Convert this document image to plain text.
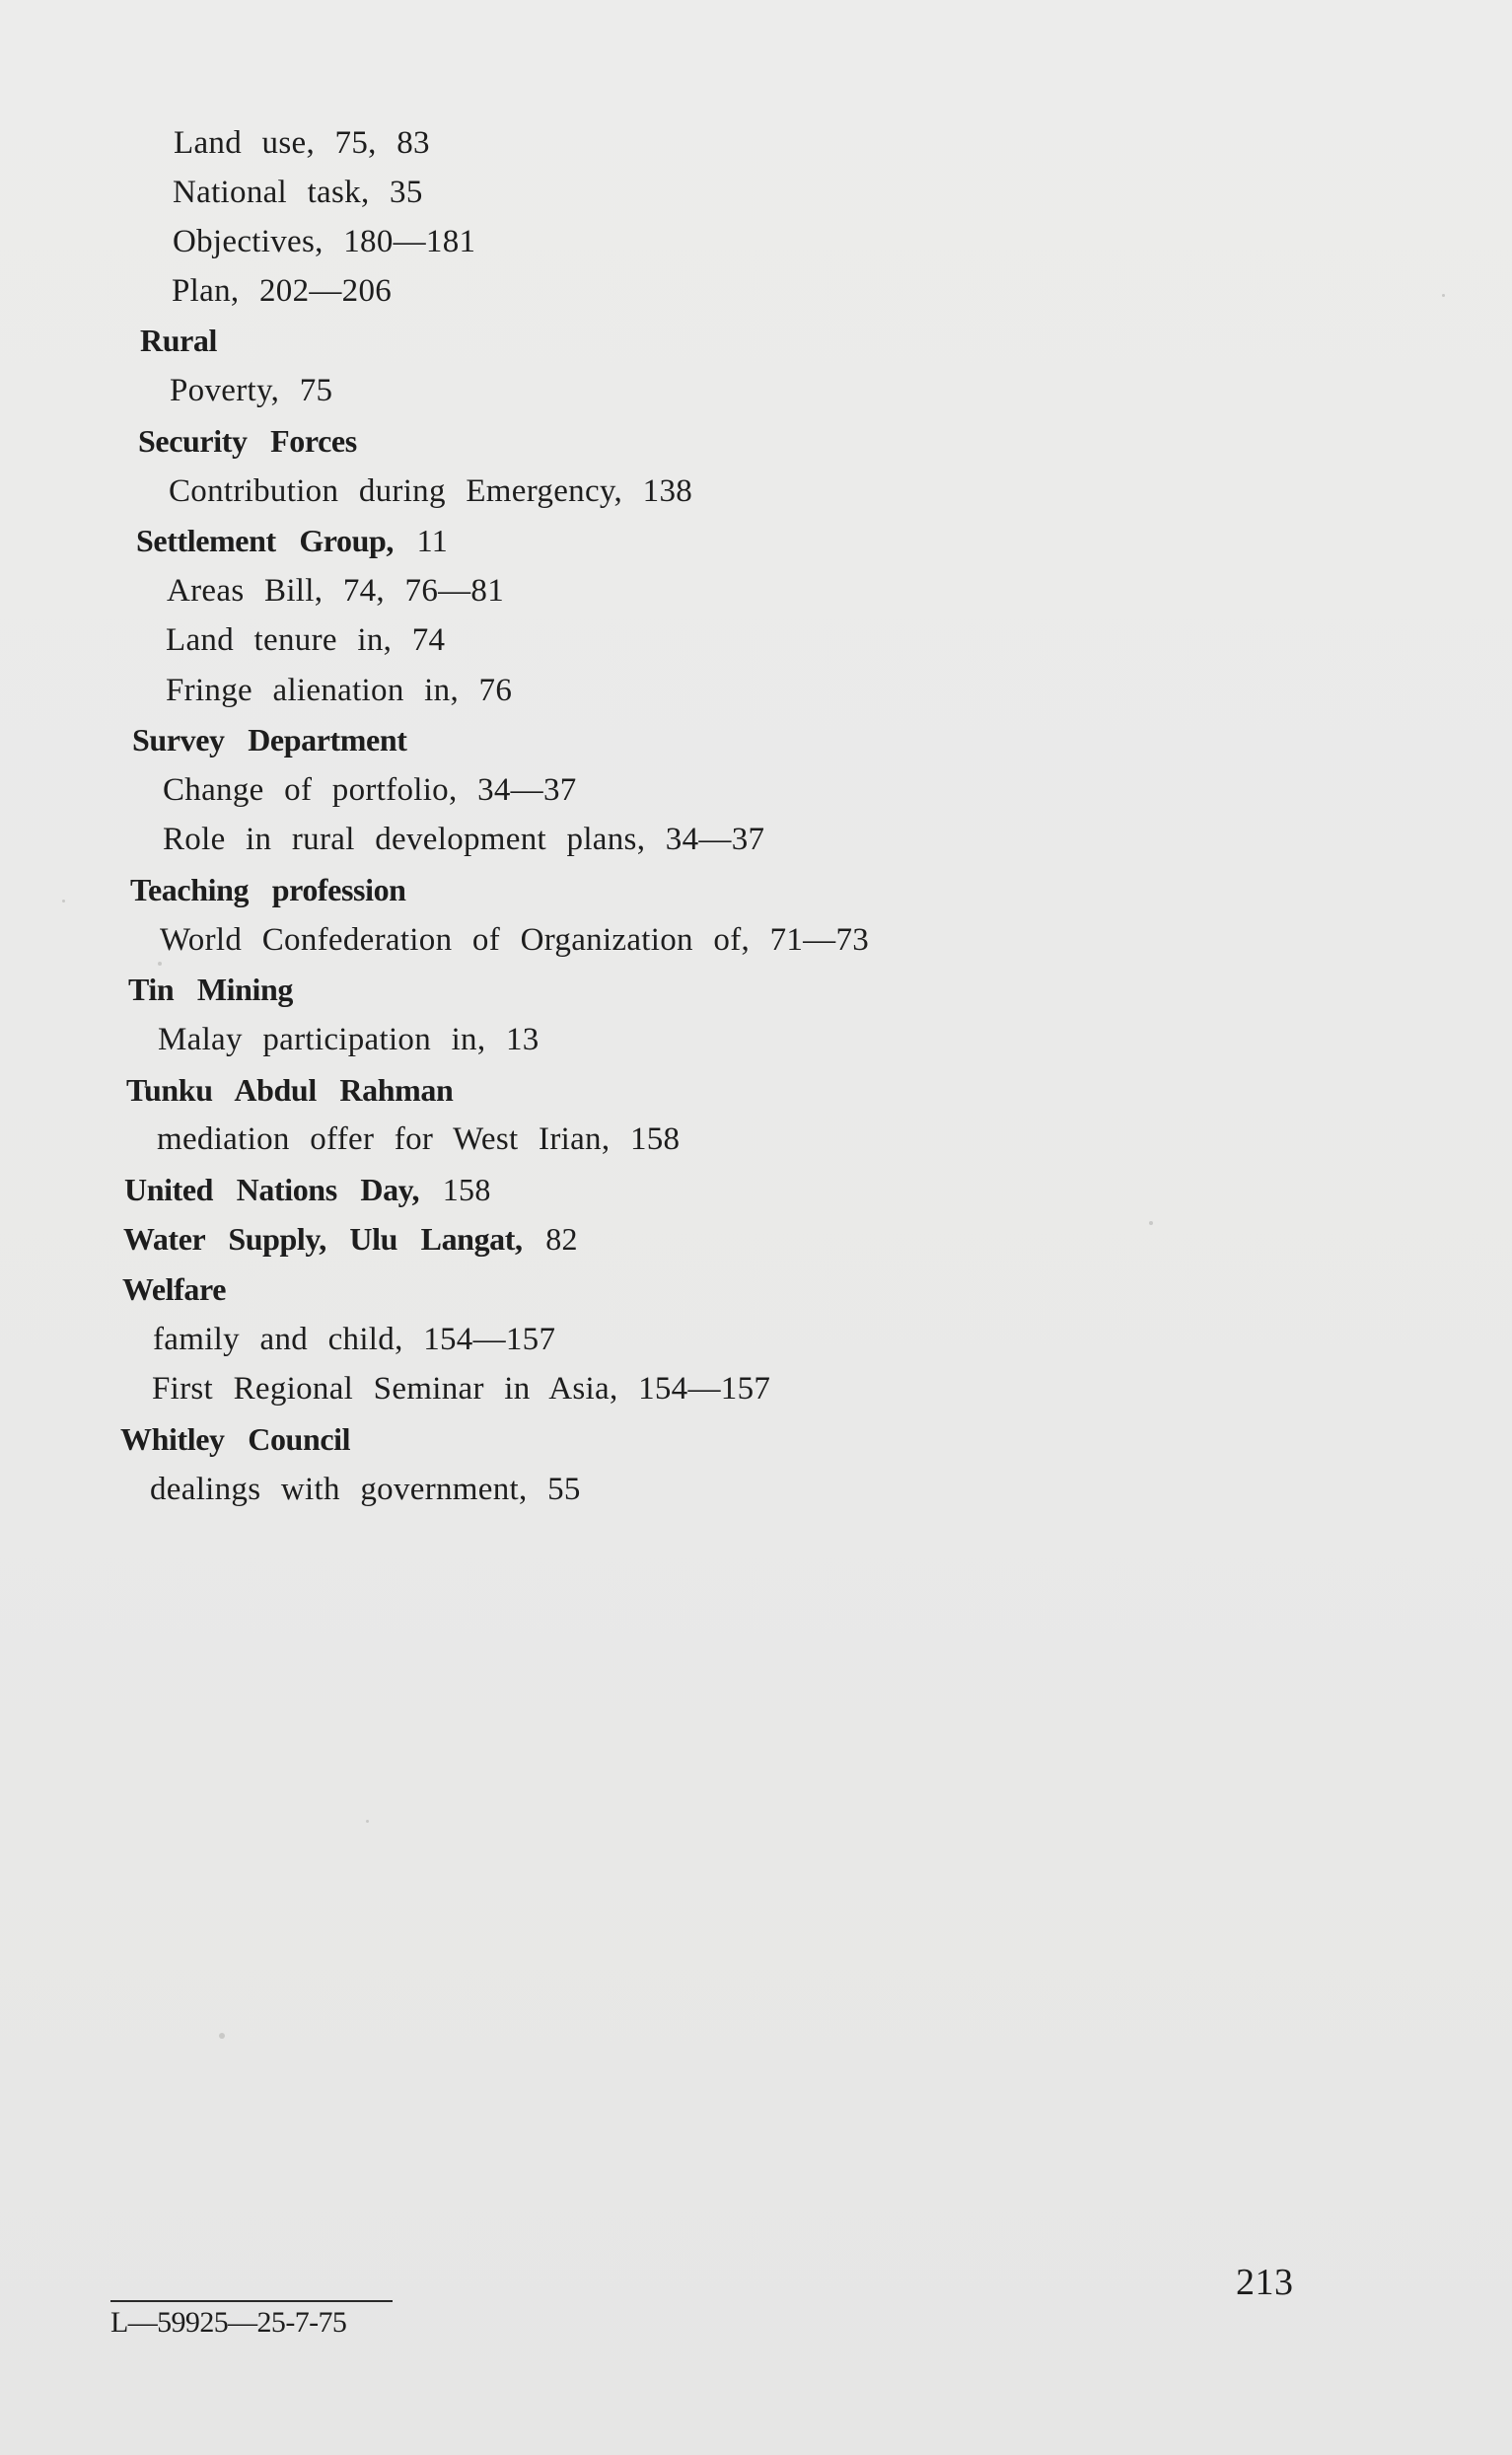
Land use, 75, 83
National task, 35
Objectives, 180—181
Plan, 202—206
Rural
Poverty, 75
Security Forces
Contribution during Emergency, 138
Settlement Group, 11
Areas Bill, 74, 76—81
Land tenure in, 74
Fringe alienation in, 76
Survey Department
Change of portfolio, 34—37
Role in rural development plans, 34—37
Teaching profession
World Confederation of Organization of, 71—73
Tin Mining
Malay participation in, 13
Tunku Abdul Rahman
mediation offer for West Irian, 158
United Nations Day, 158
Water Supply, Ulu Langat, 82
Welfare
family and child, 154—157
First Regional Seminar in Asia, 154—157
Whitley Council
dealings with government, 55
213
L—59925—25-7-75
